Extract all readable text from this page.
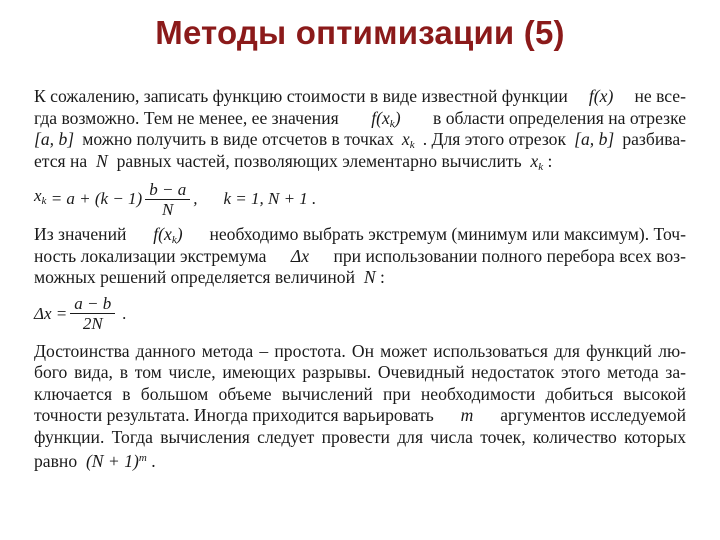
Методы оптимизации (5)
К сожалению, записать функцию стоимости в виде известной функции f(x) не все-
гда возможно. Тем не менее, ее значения $f(x_k)$ в области определения на отрезке
[a, b] можно получить в виде отсчетов в точках $x_k$ . Для этого отрезок [a, b] разбива-
ется на N равных частей, позволяющих элементарно вычислить $x_k$ :
$x_k$
= $a + (k - 1) \frac{b - a}{N}$ , k = 1, N + 1 .
Из значений $f(x_k)$ необходимо выбрать экстремум (минимум или максимум). Точ-
ность локализации экстремума Δx при использовании полного перебора всех воз-
можных решений определяется величиной N :
$\Delta x = \frac{a - b}{2N}$
.
Достоинства данного метода – простота. Он может использоваться для функций лю-
бого вида, в том числе, имеющих разрывы. Очевидный недостаток этого метода за-
ключается в большом объеме вычислений при необходимости добиться высокой
точности результата. Иногда приходится варьировать m аргументов исследуемой
функции. Тогда вычисления следует провести для числа точек, количество которых
равно $(N + 1)^m$ .
